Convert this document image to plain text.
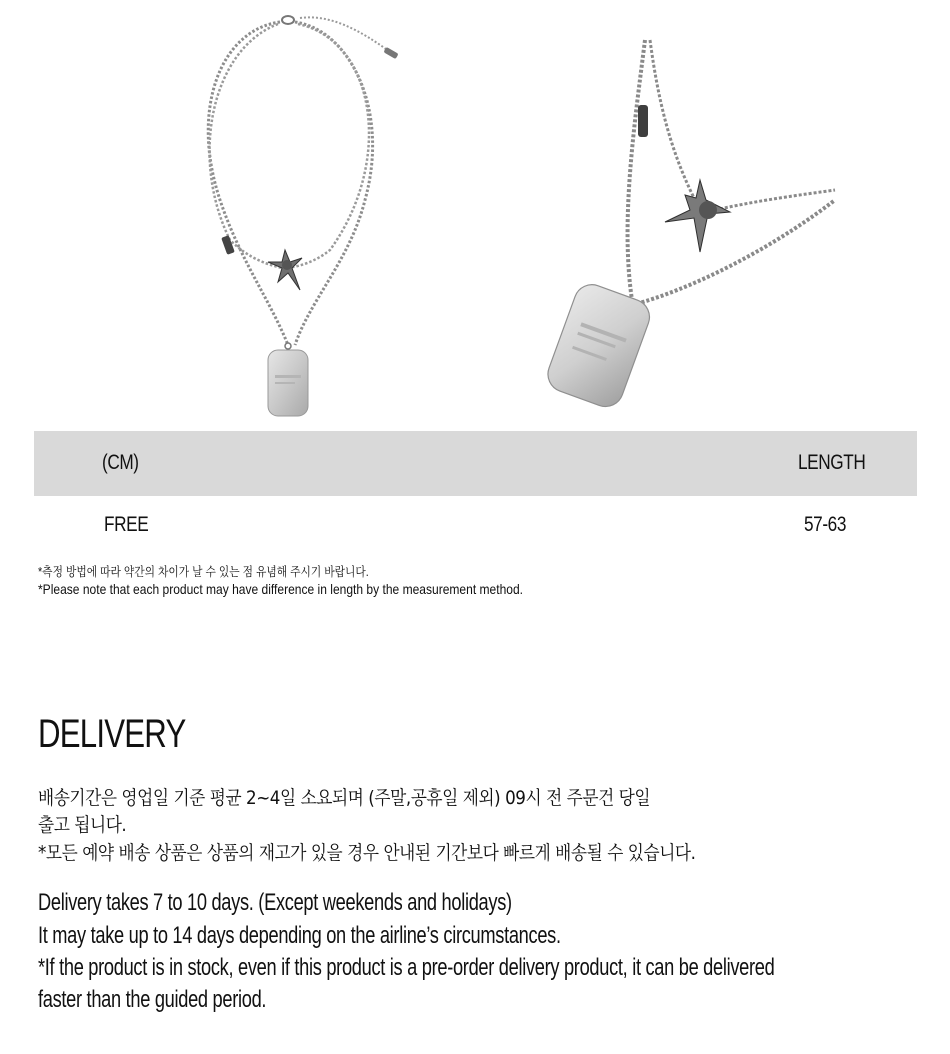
(CM)	LENGTH
FREE	57-63
*측정 방법에 따라 약간의 차이가 날 수 있는 점 유념해 주시기 바랍니다.
*Please note that each product may have difference in length by the measurement method.
DELIVERY
배송기간은 영업일 기준 평균 2~4일 소요되며 (주말,공휴일 제외) 09시 전 주문건 당일
출고 됩니다.
*모든 예약 배송 상품은 상품의 재고가 있을 경우 안내된 기간보다 빠르게 배송될 수 있습니다.
Delivery takes 7 to 10 days. (Except weekends and holidays)
It may take up to 14 days depending on the airline’s circumstances.
*If the product is in stock, even if this product is a pre-order delivery product, it can be delivered
faster than the guided period.
